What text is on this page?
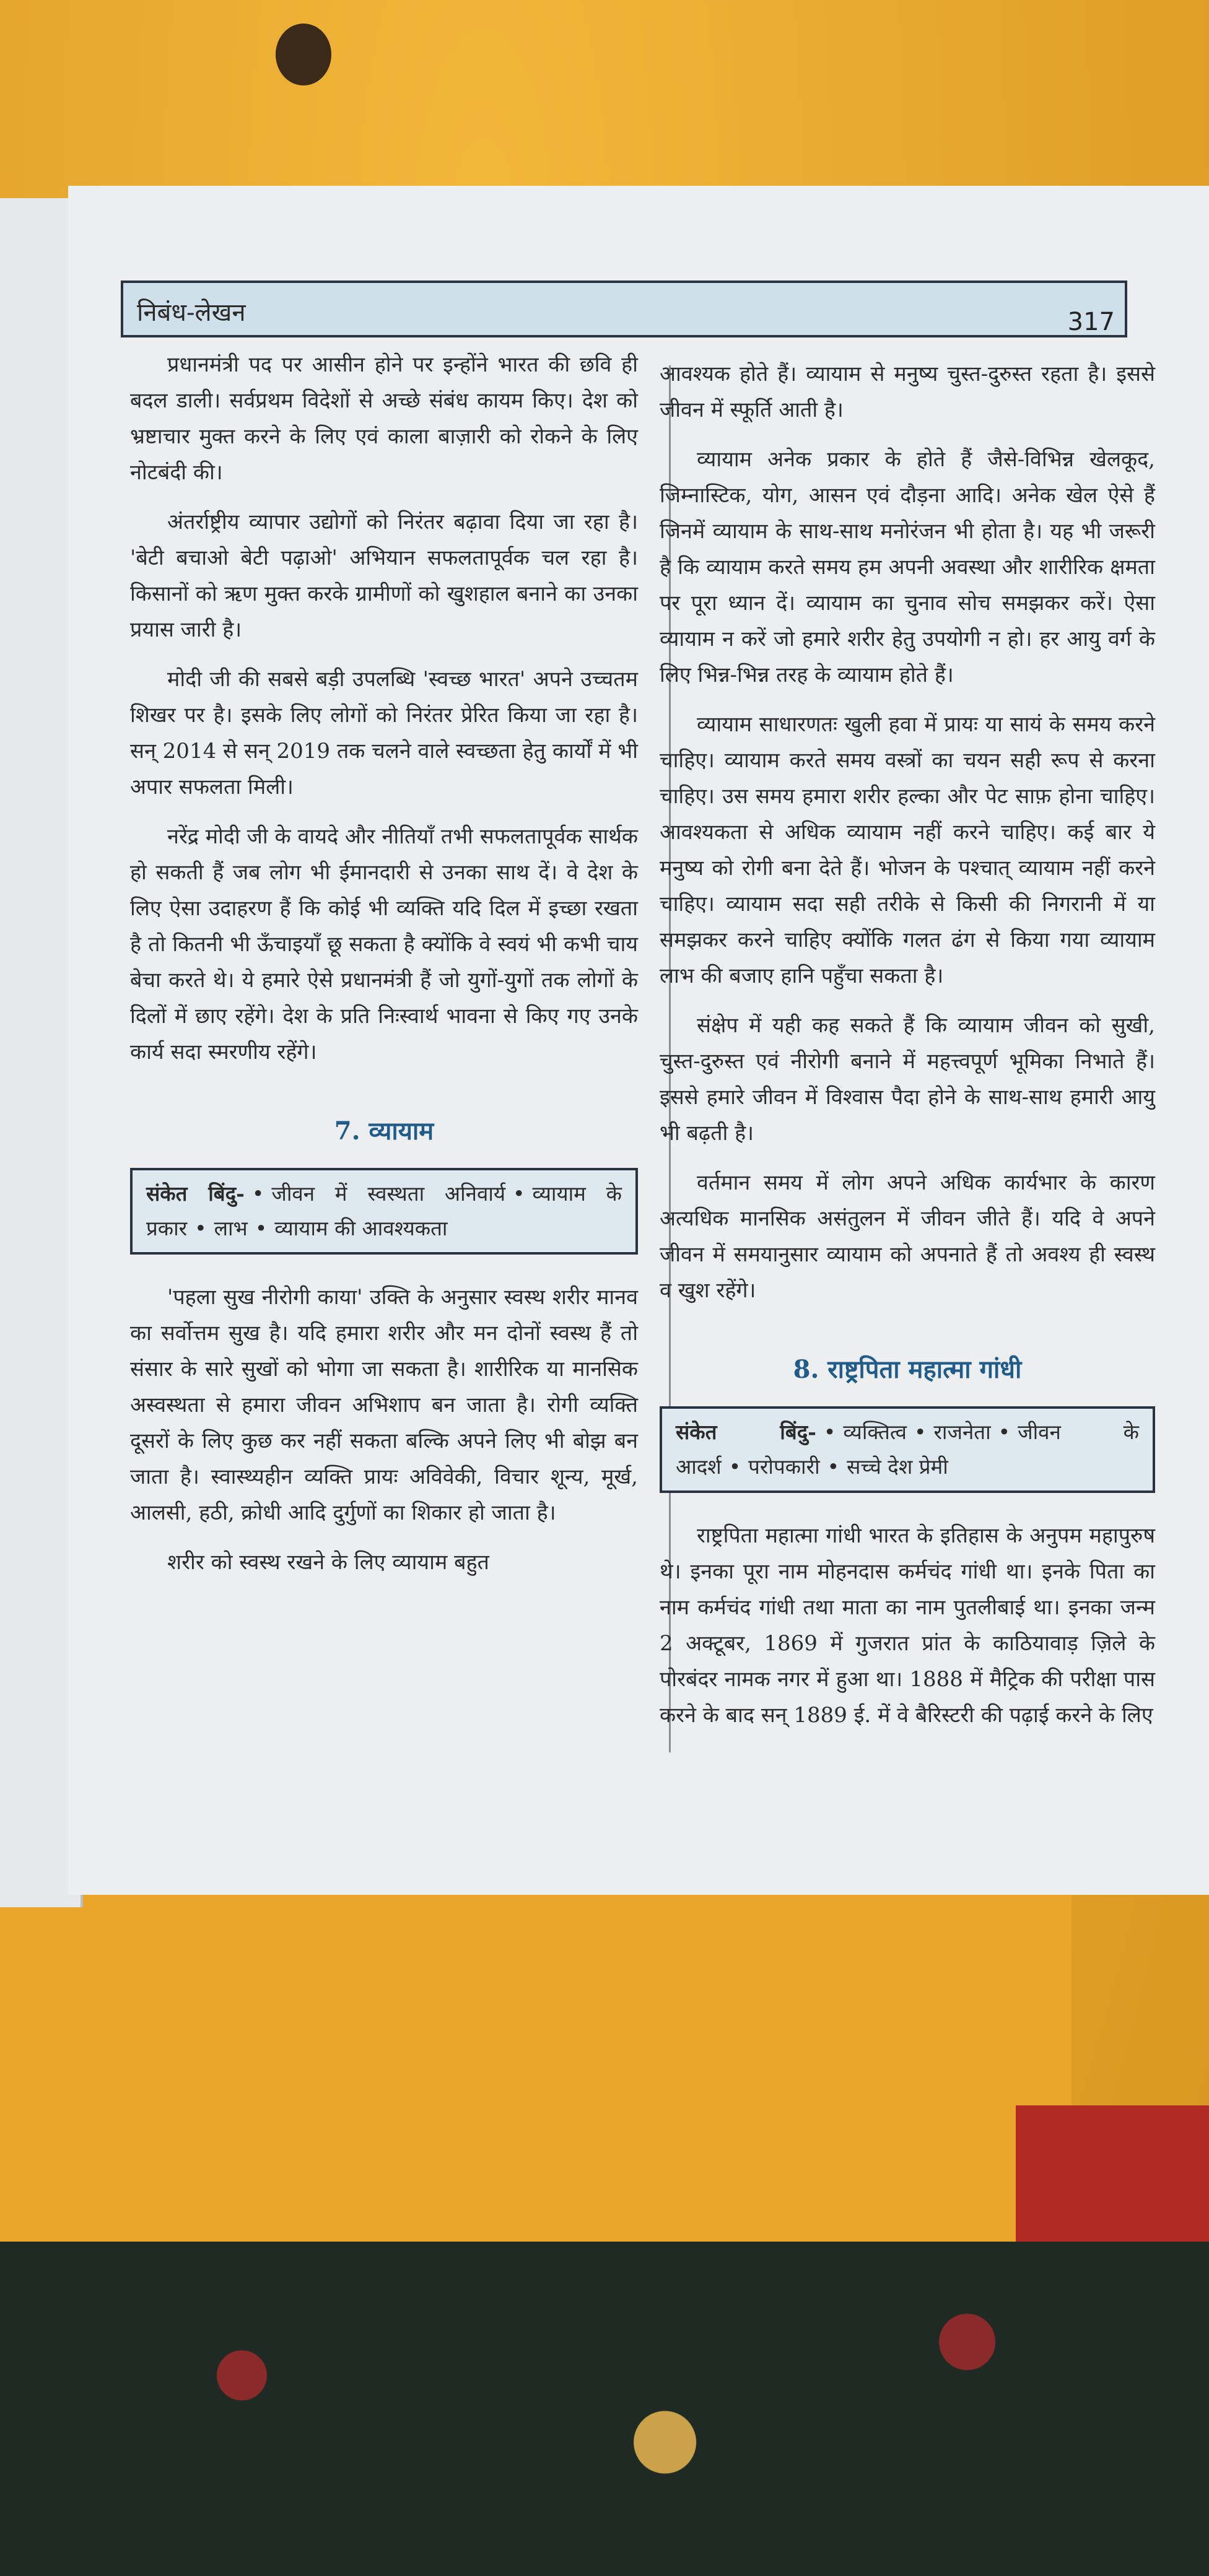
निबंध-लेखन	317

प्रधानमंत्री पद पर आसीन होने पर इन्होंने भारत की छवि ही बदल डाली। सर्वप्रथम विदेशों से अच्छे संबंध कायम किए। देश को भ्रष्टाचार मुक्त करने के लिए एवं काला बाज़ारी को रोकने के लिए नोटबंदी की।

अंतर्राष्ट्रीय व्यापार उद्योगों को निरंतर बढ़ावा दिया जा रहा है। 'बेटी बचाओ बेटी पढ़ाओ' अभियान सफलतापूर्वक चल रहा है। किसानों को ऋण मुक्त करके ग्रामीणों को खुशहाल बनाने का उनका प्रयास जारी है।

मोदी जी की सबसे बड़ी उपलब्धि 'स्वच्छ भारत' अपने उच्चतम शिखर पर है। इसके लिए लोगों को निरंतर प्रेरित किया जा रहा है। सन् 2014 से सन् 2019 तक चलने वाले स्वच्छता हेतु कार्यों में भी अपार सफलता मिली।

नरेंद्र मोदी जी के वायदे और नीतियाँ तभी सफलतापूर्वक सार्थक हो सकती हैं जब लोग भी ईमानदारी से उनका साथ दें। वे देश के लिए ऐसा उदाहरण हैं कि कोई भी व्यक्ति यदि दिल में इच्छा रखता है तो कितनी भी ऊँचाइयाँ छू सकता है क्योंकि वे स्वयं भी कभी चाय बेचा करते थे। ये हमारे ऐसे प्रधानमंत्री हैं जो युगों-युगों तक लोगों के दिलों में छाए रहेंगे। देश के प्रति निःस्वार्थ भावना से किए गए उनके कार्य सदा स्मरणीय रहेंगे।

7. व्यायाम
संकेत बिंदु- • जीवन में स्वस्थता अनिवार्य • व्यायाम के प्रकार • लाभ • व्यायाम की आवश्यकता

'पहला सुख नीरोगी काया' उक्ति के अनुसार स्वस्थ शरीर मानव का सर्वोत्तम सुख है। यदि हमारा शरीर और मन दोनों स्वस्थ हैं तो संसार के सारे सुखों को भोगा जा सकता है। शारीरिक या मानसिक अस्वस्थता से हमारा जीवन अभिशाप बन जाता है। रोगी व्यक्ति दूसरों के लिए कुछ कर नहीं सकता बल्कि अपने लिए भी बोझ बन जाता है। स्वास्थ्यहीन व्यक्ति प्रायः अविवेकी, विचार शून्य, मूर्ख, आलसी, हठी, क्रोधी आदि दुर्गुणों का शिकार हो जाता है।

शरीर को स्वस्थ रखने के लिए व्यायाम बहुत

आवश्यक होते हैं। व्यायाम से मनुष्य चुस्त-दुरुस्त रहता है। इससे जीवन में स्फूर्ति आती है।

व्यायाम अनेक प्रकार के होते हैं जैसे-विभिन्न खेलकूद, जिम्नास्टिक, योग, आसन एवं दौड़ना आदि। अनेक खेल ऐसे हैं जिनमें व्यायाम के साथ-साथ मनोरंजन भी होता है। यह भी जरूरी है कि व्यायाम करते समय हम अपनी अवस्था और शारीरिक क्षमता पर पूरा ध्यान दें। व्यायाम का चुनाव सोच समझकर करें। ऐसा व्यायाम न करें जो हमारे शरीर हेतु उपयोगी न हो। हर आयु वर्ग के लिए भिन्न-भिन्न तरह के व्यायाम होते हैं।

व्यायाम साधारणतः खुली हवा में प्रायः या सायं के समय करने चाहिए। व्यायाम करते समय वस्त्रों का चयन सही रूप से करना चाहिए। उस समय हमारा शरीर हल्का और पेट साफ़ होना चाहिए। आवश्यकता से अधिक व्यायाम नहीं करने चाहिए। कई बार ये मनुष्य को रोगी बना देते हैं। भोजन के पश्चात् व्यायाम नहीं करने चाहिए। व्यायाम सदा सही तरीके से किसी की निगरानी में या समझकर करने चाहिए क्योंकि गलत ढंग से किया गया व्यायाम लाभ की बजाए हानि पहुँचा सकता है।

संक्षेप में यही कह सकते हैं कि व्यायाम जीवन को सुखी, चुस्त-दुरुस्त एवं नीरोगी बनाने में महत्त्वपूर्ण भूमिका निभाते हैं। इससे हमारे जीवन में विश्वास पैदा होने के साथ-साथ हमारी आयु भी बढ़ती है।

वर्तमान समय में लोग अपने अधिक कार्यभार के कारण अत्यधिक मानसिक असंतुलन में जीवन जीते हैं। यदि वे अपने जीवन में समयानुसार व्यायाम को अपनाते हैं तो अवश्य ही स्वस्थ व खुश रहेंगे।

8. राष्ट्रपिता महात्मा गांधी
संकेत बिंदु- • व्यक्तित्व • राजनेता • जीवन के आदर्श • परोपकारी • सच्चे देश प्रेमी

राष्ट्रपिता महात्मा गांधी भारत के इतिहास के अनुपम महापुरुष थे। इनका पूरा नाम मोहनदास कर्मचंद गांधी था। इनके पिता का नाम कर्मचंद गांधी तथा माता का नाम पुतलीबाई था। इनका जन्म 2 अक्टूबर, 1869 में गुजरात प्रांत के काठियावाड़ ज़िले के पोरबंदर नामक नगर में हुआ था। 1888 में मैट्रिक की परीक्षा पास करने के बाद सन् 1889 ई. में वे बैरिस्टरी की पढ़ाई करने के लिए
